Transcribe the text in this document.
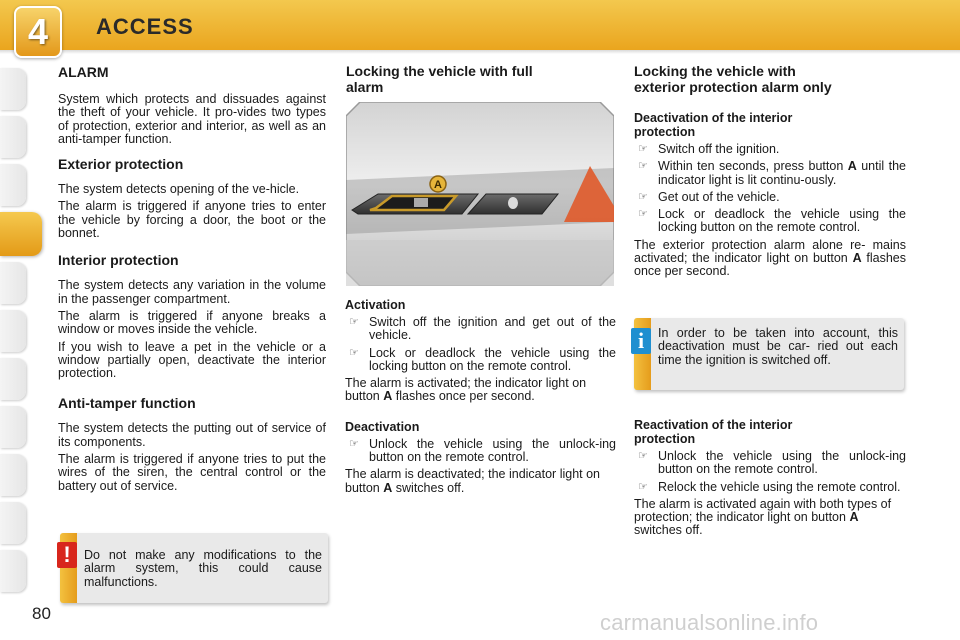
4	ACCESS
ALARM

System which protects and dissuades against the theft of your vehicle. It pro-vides two types of protection, exterior and interior, as well as an anti-tamper function.

Exterior protection

The system detects opening of the ve-hicle.

The alarm is triggered if anyone tries to enter the vehicle by forcing a door, the boot or the bonnet.

Interior protection

The system detects any variation in the volume in the passenger compartment.

The alarm is triggered if anyone breaks a window or moves inside the vehicle.

If you wish to leave a pet in the vehicle or a window partially open, deactivate the interior protection.

Anti-tamper function

The system detects the putting out of service of its components.

The alarm is triggered if anyone tries to put the wires of the siren, the central control or the battery out of service.

Do not make any modifications to the alarm system, this could cause malfunctions.
!
Locking the vehicle with full
alarm
A
Activation

☞ Switch off the ignition and get out of the vehicle.

☞ Lock or deadlock the vehicle using the locking button on the remote control.

The alarm is activated; the indicator light on button A flashes once per second.

Deactivation

☞ Unlock the vehicle using the unlock-ing button on the remote control.

The alarm is deactivated; the indicator light on button A switches off.

Locking the vehicle with
exterior protection alarm only
Deactivation of the interior
protection

☞ Switch off the ignition.

☞ Within ten seconds, press button A until the indicator light is lit continu-ously.

☞ Get out of the vehicle.

☞ Lock or deadlock the vehicle using the locking button on the remote control.

The exterior protection alarm alone re- mains activated; the indicator light on button A flashes once per second.

In order to be taken into account, this deactivation must be car- ried out each time the ignition is switched off.
i
Reactivation of the interior
protection

☞ Unlock the vehicle using the unlock-ing button on the remote control.

☞ Relock the vehicle using the remote control.

The alarm is activated again with both types of protection; the indicator light on button A switches off.

80	carmanualsonline.info
